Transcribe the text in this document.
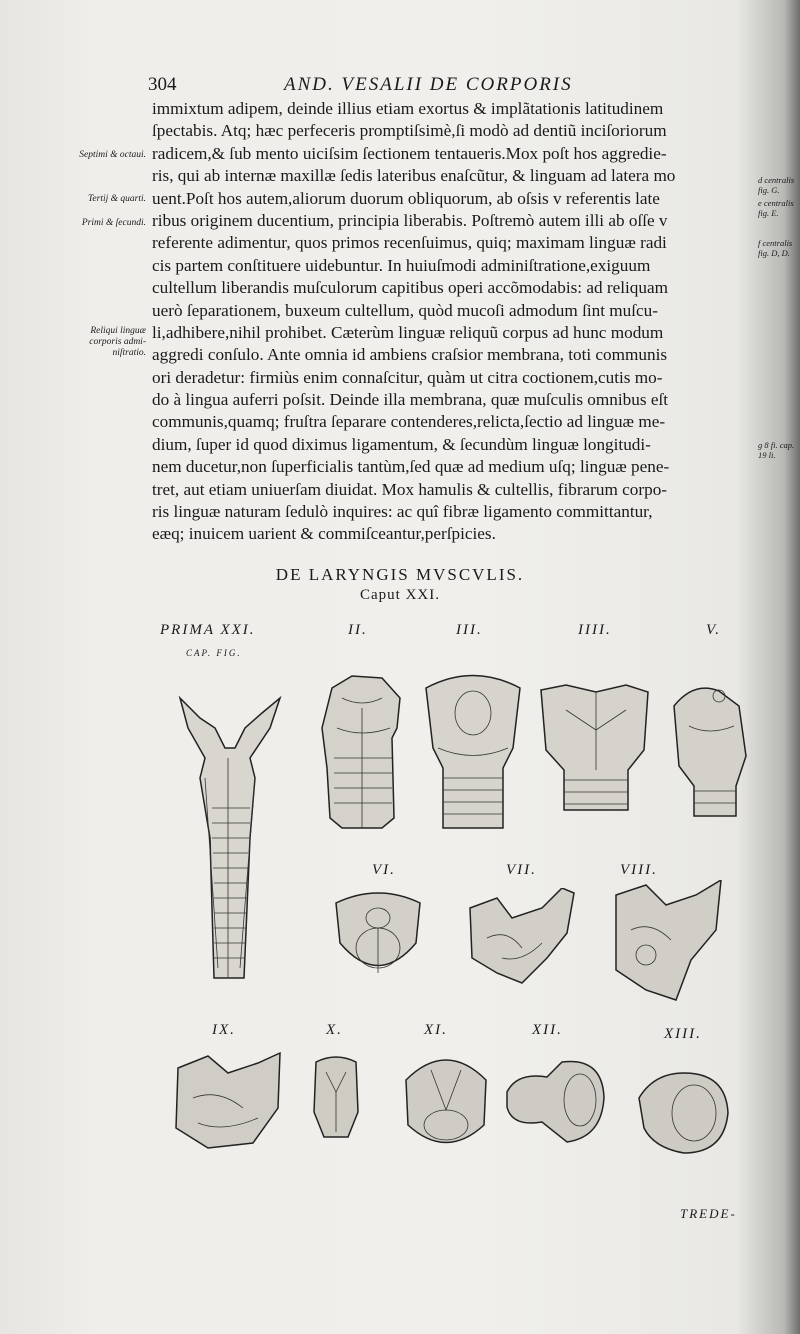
304	AND. VESALII DE CORPORIS
immixtum adipem, deinde illius etiam exortus & implãtationis latitudinem
ſpectabis. Atq; hæc perfeceris promptiſsimè,ſi modò ad dentiũ inciſoriorum
radicem,& ſub mento uiciſsim ſectionem tentaueris.Mox poſt hos aggredie-
ris, qui ab internæ maxillæ ſedis lateribus enaſcũtur, & linguam ad latera mo
uent.Poſt hos autem,aliorum duorum obliquorum, ab oſsis v referentis late
ribus originem ducentium, principia liberabis. Poſtremò autem illi ab oſſe v
referente adimentur, quos primos recenſuimus, quiq; maximam linguæ radi
cis partem conſtituere uidebuntur. In huiuſmodi adminiſtratione,exiguum
cultellum liberandis muſculorum capitibus operi accõmodabis: ad reliquam
uerò ſeparationem, buxeum cultellum, quòd mucoſi admodum ſint muſcu-
li,adhibere,nihil prohibet. Cæterùm linguæ reliquũ corpus ad hunc modum
aggredi conſulo. Ante omnia id ambiens craſsior membrana, toti communis
ori deradetur: firmiùs enim connaſcitur, quàm ut citra coctionem,cutis mo-
do à lingua auferri poſsit. Deinde illa membrana, quæ muſculis omnibus eſt
communis,quamq; fruſtra ſeparare contenderes,relicta,ſectio ad linguæ me-
dium, ſuper id quod diximus ligamentum, & ſecundùm linguæ longitudi-
nem ducetur,non ſuperficialis tantùm,ſed quæ ad medium uſq; linguæ pene-
tret, aut etiam uniuerſam diuidat. Mox hamulis & cultellis, fibrarum corpo-
ris linguæ naturam ſedulò inquires: ac quî fibræ ligamento committantur,
eæq; inuicem uarient & commiſceantur,perſpicies.
Septimi & octaui.
Tertij & quarti.
Primi & ſecundi.
Reliqui linguæ corporis admi-niſtratio.
d centralis fig. G.
e centralis fig. E.
f centralis fig. D, D.
g 8 fi. cap. 19 li.
DE LARYNGIS MVSCVLIS.
Caput XXI.
PRIMA XXI.
CAP. FIG.
II.	III.	IIII.	V.
VI.	VII.	VIII.
IX.	X.	XI.	XII.	XIII.
TREDE-
